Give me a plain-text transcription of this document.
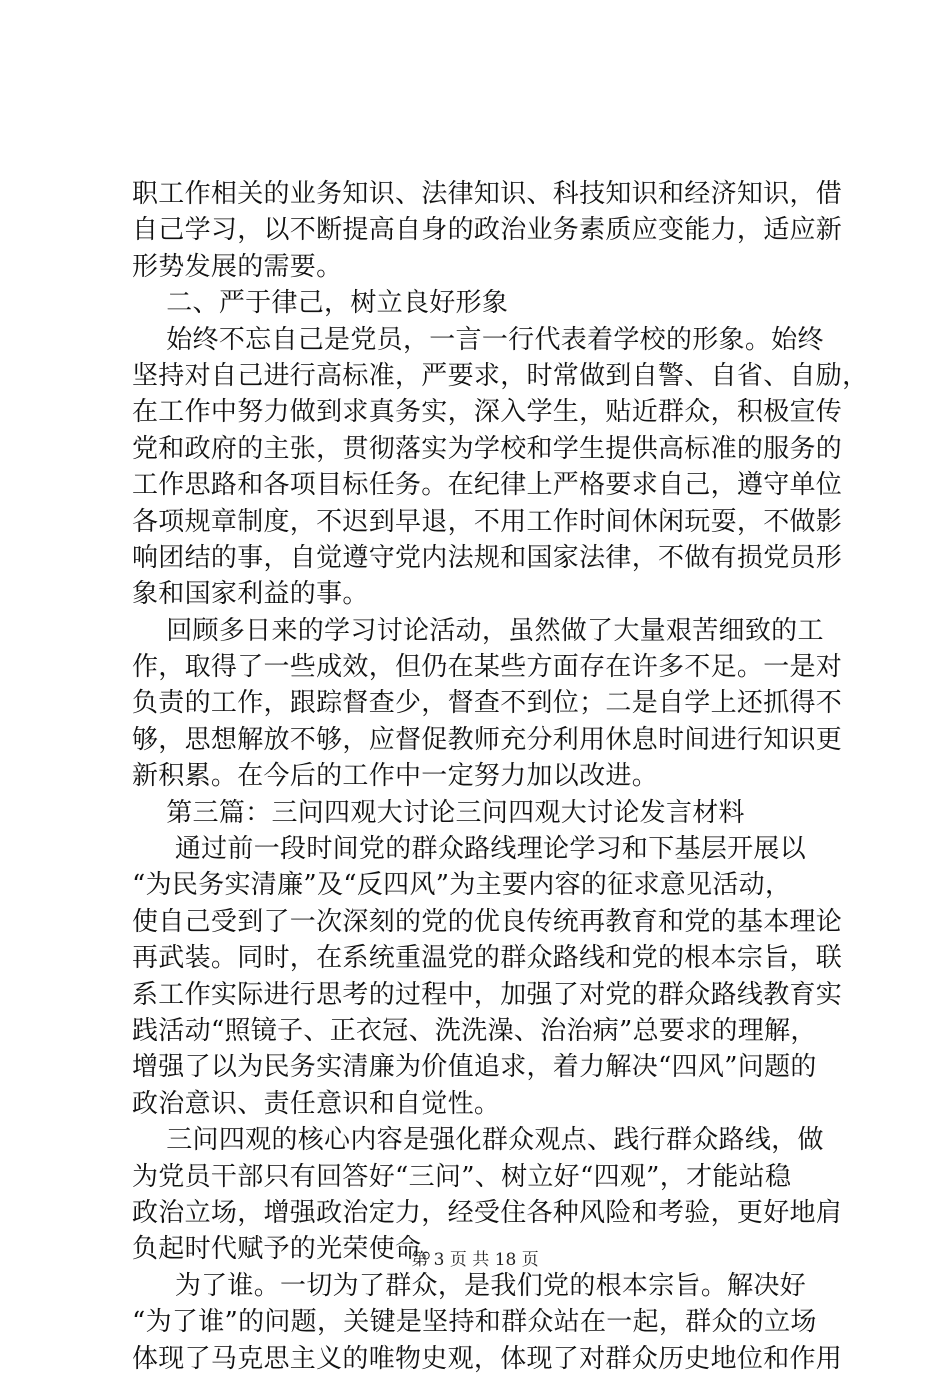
职工作相关的业务知识、法律知识、科技知识和经济知识，借
自己学习，以不断提高自身的政治业务素质应变能力，适应新
形势发展的需要。
二、严于律己，树立良好形象
始终不忘自己是党员，一言一行代表着学校的形象。始终
坚持对自己进行高标准，严要求，时常做到自警、自省、自励，
在工作中努力做到求真务实，深入学生，贴近群众，积极宣传
党和政府的主张，贯彻落实为学校和学生提供高标准的服务的
工作思路和各项目标任务。在纪律上严格要求自己，遵守单位
各项规章制度，不迟到早退，不用工作时间休闲玩耍，不做影
响团结的事，自觉遵守党内法规和国家法律，不做有损党员形
象和国家利益的事。
回顾多日来的学习讨论活动，虽然做了大量艰苦细致的工
作，取得了一些成效，但仍在某些方面存在许多不足。一是对
负责的工作，跟踪督查少，督查不到位；二是自学上还抓得不
够，思想解放不够，应督促教师充分利用休息时间进行知识更
新积累。在今后的工作中一定努力加以改进。
第三篇：三问四观大讨论三问四观大讨论发言材料
通过前一段时间党的群众路线理论学习和下基层开展以
“为民务实清廉”及“反四风”为主要内容的征求意见活动，
使自己受到了一次深刻的党的优良传统再教育和党的基本理论
再武装。同时，在系统重温党的群众路线和党的根本宗旨，联
系工作实际进行思考的过程中，加强了对党的群众路线教育实
践活动“照镜子、正衣冠、洗洗澡、治治病”总要求的理解，
增强了以为民务实清廉为价值追求，着力解决“四风”问题的
政治意识、责任意识和自觉性。
三问四观的核心内容是强化群众观点、践行群众路线，做
为党员干部只有回答好“三问”、树立好“四观”，才能站稳
政治立场，增强政治定力，经受住各种风险和考验，更好地肩
负起时代赋予的光荣使命。
为了谁。一切为了群众，是我们党的根本宗旨。解决好
“为了谁”的问题，关键是坚持和群众站在一起，群众的立场
体现了马克思主义的唯物史观，体现了对群众历史地位和作用
第 3 页 共 18 页
